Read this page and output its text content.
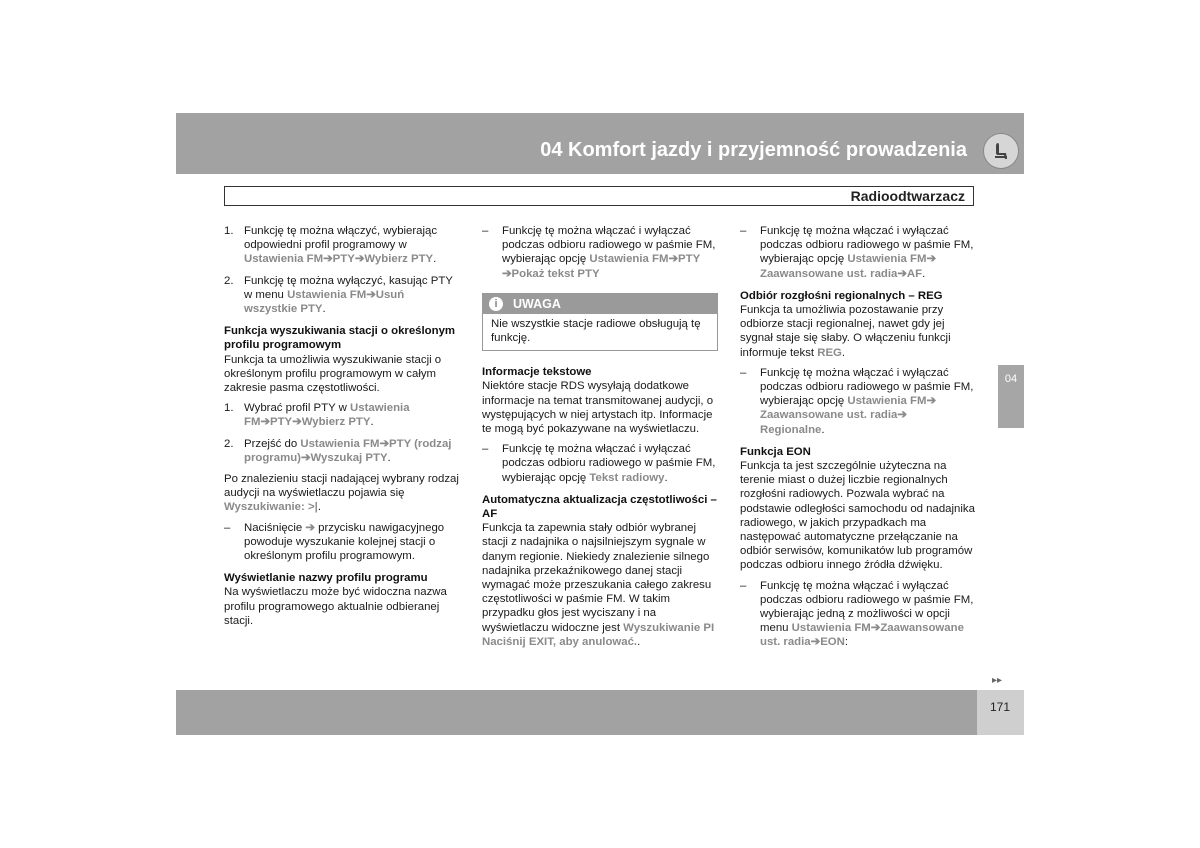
04 Komfort jazdy i przyjemność prowadzenia
Radioodtwarzacz
1. Funkcję tę można włączyć, wybierając odpowiedni profil programowy w Ustawienia FM➔PTY➔Wybierz PTY.
2. Funkcję tę można wyłączyć, kasując PTY w menu Ustawienia FM➔Usuń wszystkie PTY.
Funkcja wyszukiwania stacji o określonym profilu programowym

Funkcja ta umożliwia wyszukiwanie stacji o określonym profilu programowym w całym zakresie pasma częstotliwości.

1. Wybrać profil PTY w Ustawienia FM➔PTY➔Wybierz PTY.
2. Przejść do Ustawienia FM➔PTY (rodzaj programu)➔Wyszukaj PTY.

Po znalezieniu stacji nadającej wybrany rodzaj audycji na wyświetlaczu pojawia się Wyszukiwanie: >|.

– Naciśnięcie ➔ przycisku nawigacyjnego powoduje wyszukanie kolejnej stacji o określonym profilu programowym.
Wyświetlanie nazwy profilu programu

Na wyświetlaczu może być widoczna nazwa profilu programowego aktualnie odbieranej stacji.

– Funkcję tę można włączać i wyłączać podczas odbioru radiowego w paśmie FM, wybierając opcję Ustawienia FM➔PTY
➔Pokaż tekst PTY
i	UWAGA
Nie wszystkie stacje radiowe obsługują tę funkcję.
Informacje tekstowe

Niektóre stacje RDS wysyłają dodatkowe informacje na temat transmitowanej audycji, o występujących w niej artystach itp. Informacje te mogą być pokazywane na wyświetlaczu.

– Funkcję tę można włączać i wyłączać podczas odbioru radiowego w paśmie FM, wybierając opcję Tekst radiowy.
Automatyczna aktualizacja częstotliwości – AF

Funkcja ta zapewnia stały odbiór wybranej stacji z nadajnika o najsilniejszym sygnale w danym regionie. Niekiedy znalezienie silnego nadajnika przekaźnikowego danej stacji wymagać może przeszukania całego zakresu częstotliwości w paśmie FM. W takim przypadku głos jest wyciszany i na wyświetlaczu widoczne jest Wyszukiwanie PI Naciśnij EXIT, aby anulować..

– Funkcję tę można włączać i wyłączać podczas odbioru radiowego w paśmie FM, wybierając opcję Ustawienia FM➔
Zaawansowane ust. radia➔AF.
Odbiór rozgłośni regionalnych – REG

Funkcja ta umożliwia pozostawanie przy odbiorze stacji regionalnej, nawet gdy jej sygnał staje się słaby. O włączeniu funkcji informuje tekst REG.

– Funkcję tę można włączać i wyłączać podczas odbioru radiowego w paśmie FM, wybierając opcję Ustawienia FM➔
Zaawansowane ust. radia➔
Regionalne.
Funkcja EON

Funkcja ta jest szczególnie użyteczna na terenie miast o dużej liczbie regionalnych rozgłośni radiowych. Pozwala wybrać na podstawie odległości samochodu od nadajnika radiowego, w jakich przypadkach ma następować automatyczne przełączanie na odbiór serwisów, komunikatów lub programów podczas odbioru innego źródła dźwięku.

– Funkcję tę można włączać i wyłączać podczas odbioru radiowego w paśmie FM, wybierając jedną z możliwości w opcji menu Ustawienia FM➔Zaawansowane ust. radia➔EON:
04
▸▸
171
